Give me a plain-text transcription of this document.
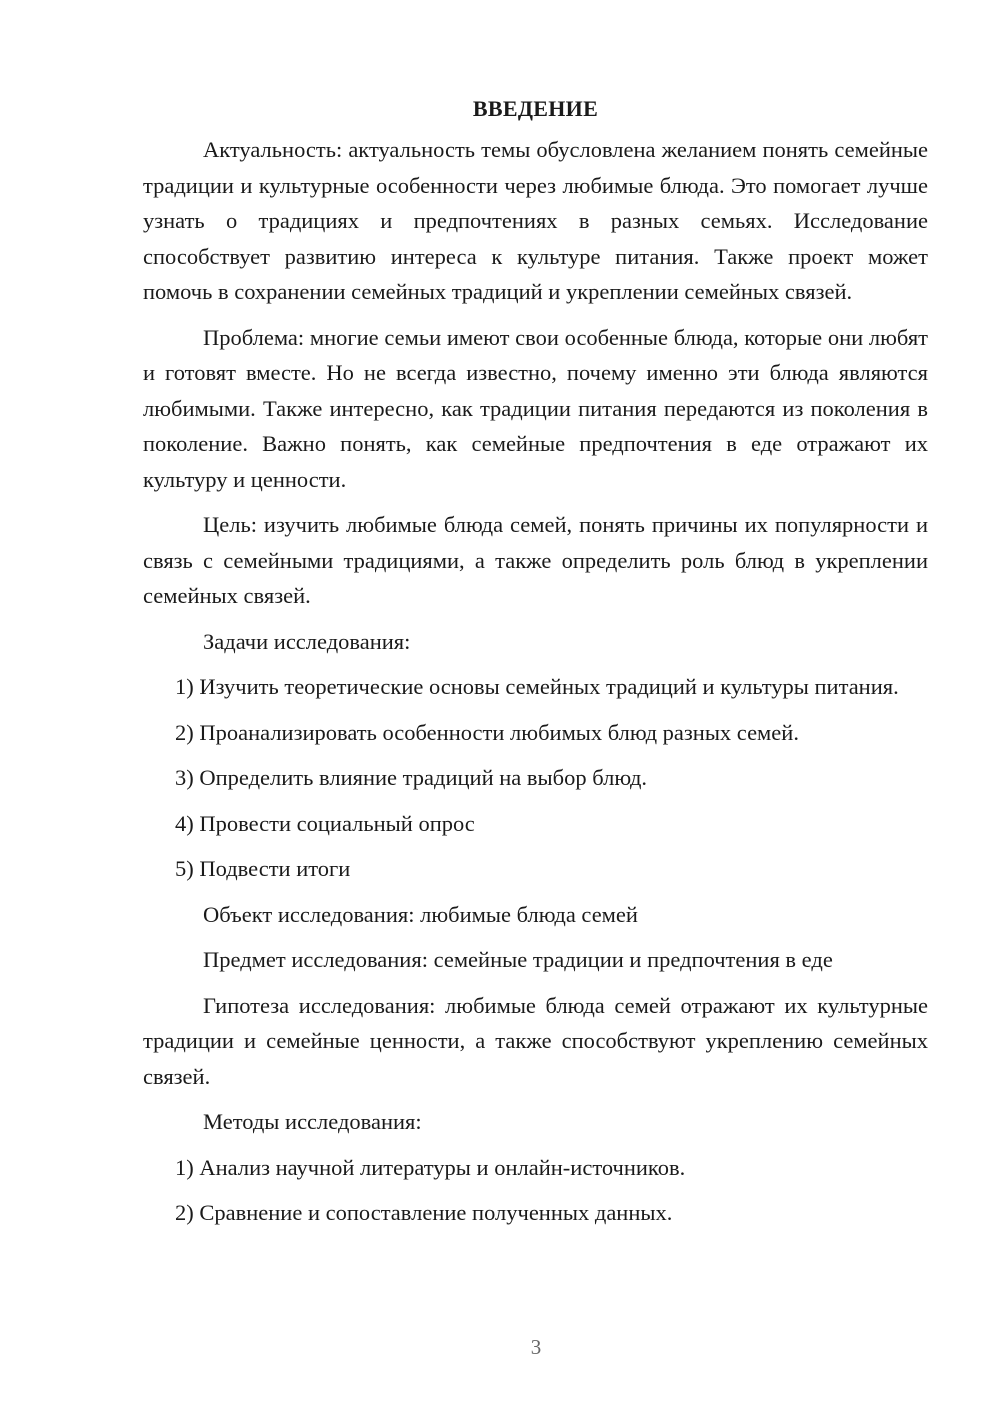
ВВЕДЕНИЕ

Актуальность: актуальность темы обусловлена желанием понять семейные традиции и культурные особенности через любимые блюда. Это помогает лучше узнать о традициях и предпочтениях в разных семьях. Исследование способствует развитию интереса к культуре питания. Также проект может помочь в сохранении семейных традиций и укреплении семейных связей.

Проблема: многие семьи имеют свои особенные блюда, которые они любят и готовят вместе. Но не всегда известно, почему именно эти блюда являются любимыми. Также интересно, как традиции питания передаются из поколения в поколение. Важно понять, как семейные предпочтения в еде отражают их культуру и ценности.

Цель: изучить любимые блюда семей, понять причины их популярности и связь с семейными традициями, а также определить роль блюд в укреплении семейных связей.

Задачи исследования:

1) Изучить теоретические основы семейных традиций и культуры питания.

2) Проанализировать особенности любимых блюд разных семей.

3) Определить влияние традиций на выбор блюд.

4) Провести социальный опрос

5) Подвести итоги

Объект исследования: любимые блюда семей

Предмет исследования: семейные традиции и предпочтения в еде

Гипотеза исследования: любимые блюда семей отражают их культурные традиции и семейные ценности, а также способствуют укреплению семейных связей.

Методы исследования:

1) Анализ научной литературы и онлайн-источников.

2) Сравнение и сопоставление полученных данных.

3
